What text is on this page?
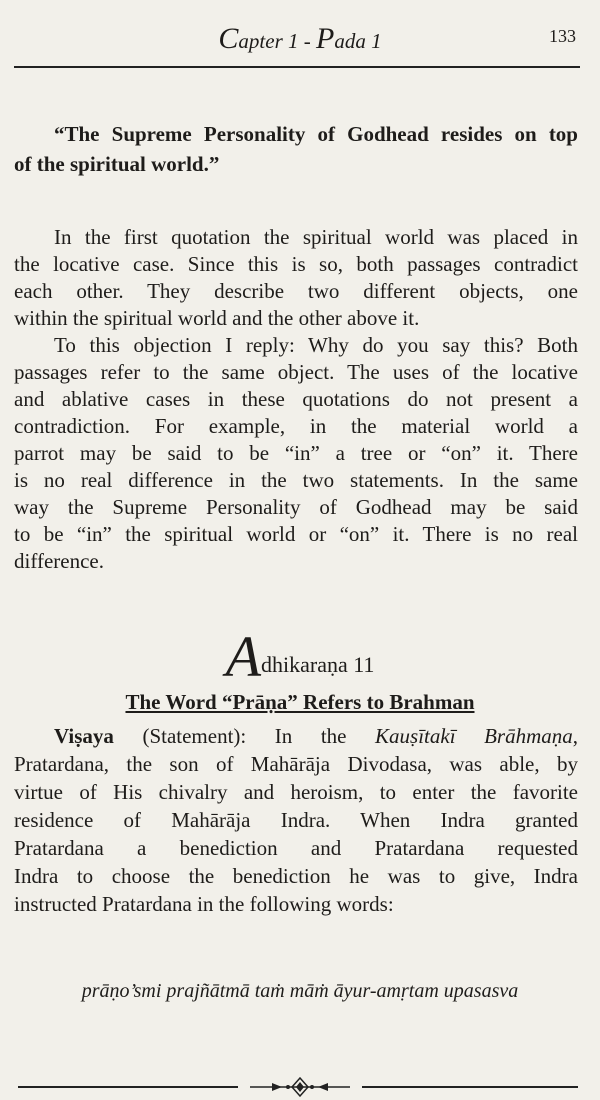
Capter 1 - Pada 1	133
“The Supreme Personality of Godhead resides on top
of the spiritual world.”
In the first quotation the spiritual world was placed in
the locative case. Since this is so, both passages contradict
each other. They describe two different objects, one
within the spiritual world and the other above it.
To this objection I reply: Why do you say this? Both
passages refer to the same object. The uses of the locative
and ablative cases in these quotations do not present a
contradiction. For example, in the material world a
parrot may be said to be “in” a tree or “on” it. There
is no real difference in the two statements. In the same
way the Supreme Personality of Godhead may be said
to be “in” the spiritual world or “on” it. There is no real
difference.
Adhikaraṇa 11
The Word “Prāṇa” Refers to Brahman
Viṣaya (Statement): In the Kauṣītakī Brāhmaṇa,
Pratardana, the son of Mahārāja Divodasa, was able, by
virtue of His chivalry and heroism, to enter the favorite
residence of Mahārāja Indra. When Indra granted
Pratardana a benediction and Pratardana requested
Indra to choose the benediction he was to give, Indra
instructed Pratardana in the following words:
prāṇo’smi prajñātmā taṁ māṁ āyur-amṛtam upasasva
